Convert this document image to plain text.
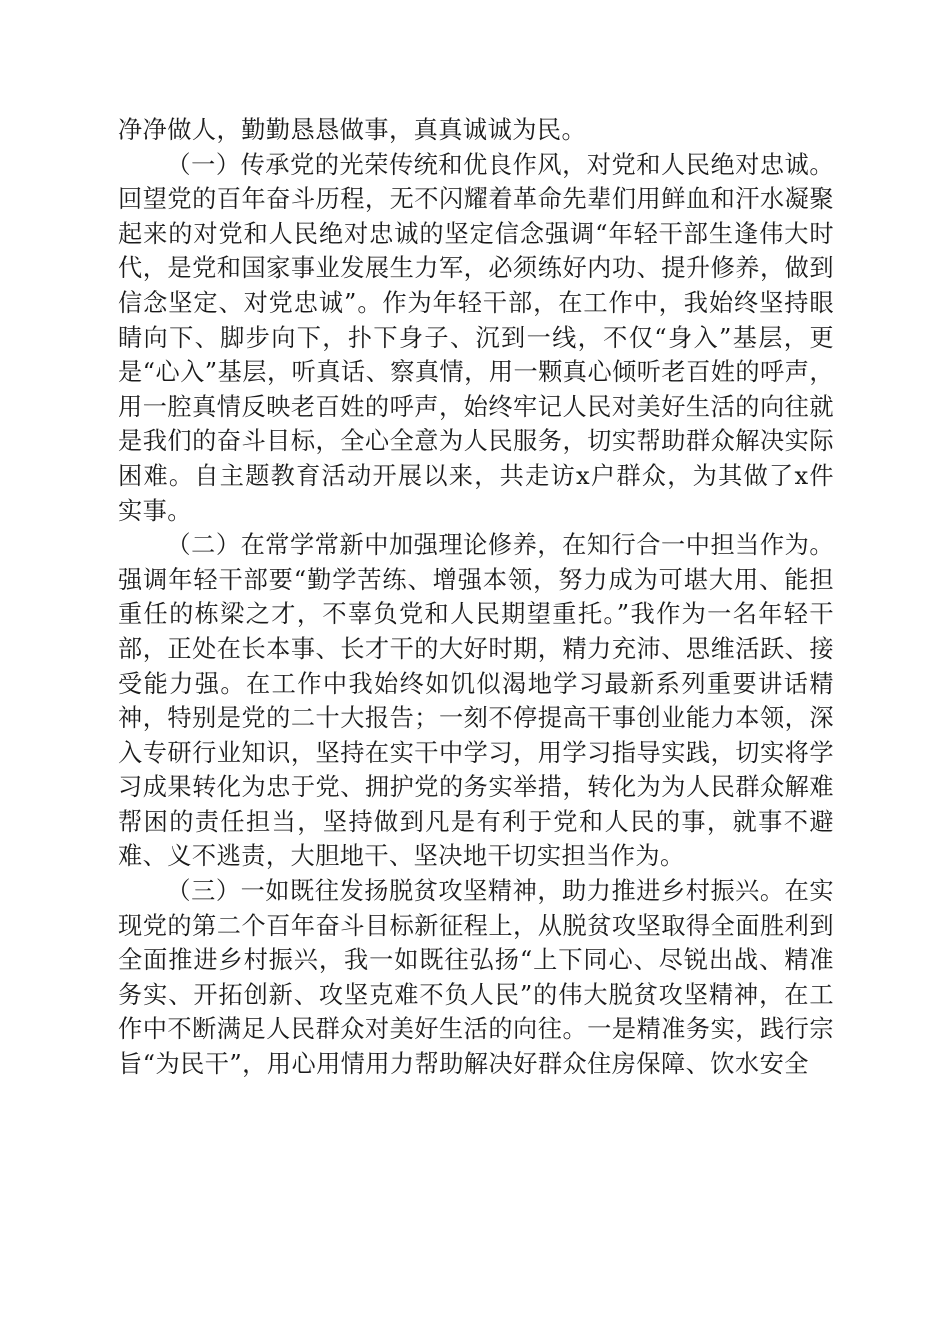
净净做人，勤勤恳恳做事，真真诚诚为民。

（一）传承党的光荣传统和优良作风，对党和人民绝对忠诚。回望党的百年奋斗历程，无不闪耀着革命先辈们用鲜血和汗水凝聚起来的对党和人民绝对忠诚的坚定信念强调“年轻干部生逢伟大时代，是党和国家事业发展生力军，必须练好内功、提升修养，做到信念坚定、对党忠诚”。作为年轻干部，在工作中，我始终坚持眼睛向下、脚步向下，扑下身子、沉到一线，不仅“身入”基层，更是“心入”基层，听真话、察真情，用一颗真心倾听老百姓的呼声，用一腔真情反映老百姓的呼声，始终牢记人民对美好生活的向往就是我们的奋斗目标，全心全意为人民服务，切实帮助群众解决实际困难。自主题教育活动开展以来，共走访x户群众，为其做了x件实事。

（二）在常学常新中加强理论修养，在知行合一中担当作为。强调年轻干部要“勤学苦练、增强本领，努力成为可堪大用、能担重任的栋梁之才，不辜负党和人民期望重托。”我作为一名年轻干部，正处在长本事、长才干的大好时期，精力充沛、思维活跃、接受能力强。在工作中我始终如饥似渴地学习最新系列重要讲话精神，特别是党的二十大报告；一刻不停提高干事创业能力本领，深入专研行业知识，坚持在实干中学习，用学习指导实践，切实将学习成果转化为忠于党、拥护党的务实举措，转化为为人民群众解难帮困的责任担当，坚持做到凡是有利于党和人民的事，就事不避难、义不逃责，大胆地干、坚决地干切实担当作为。

（三）一如既往发扬脱贫攻坚精神，助力推进乡村振兴。在实现党的第二个百年奋斗目标新征程上，从脱贫攻坚取得全面胜利到全面推进乡村振兴，我一如既往弘扬“上下同心、尽锐出战、精准务实、开拓创新、攻坚克难不负人民”的伟大脱贫攻坚精神，在工作中不断满足人民群众对美好生活的向往。一是精准务实，践行宗旨“为民干”，用心用情用力帮助解决好群众住房保障、饮水安全
